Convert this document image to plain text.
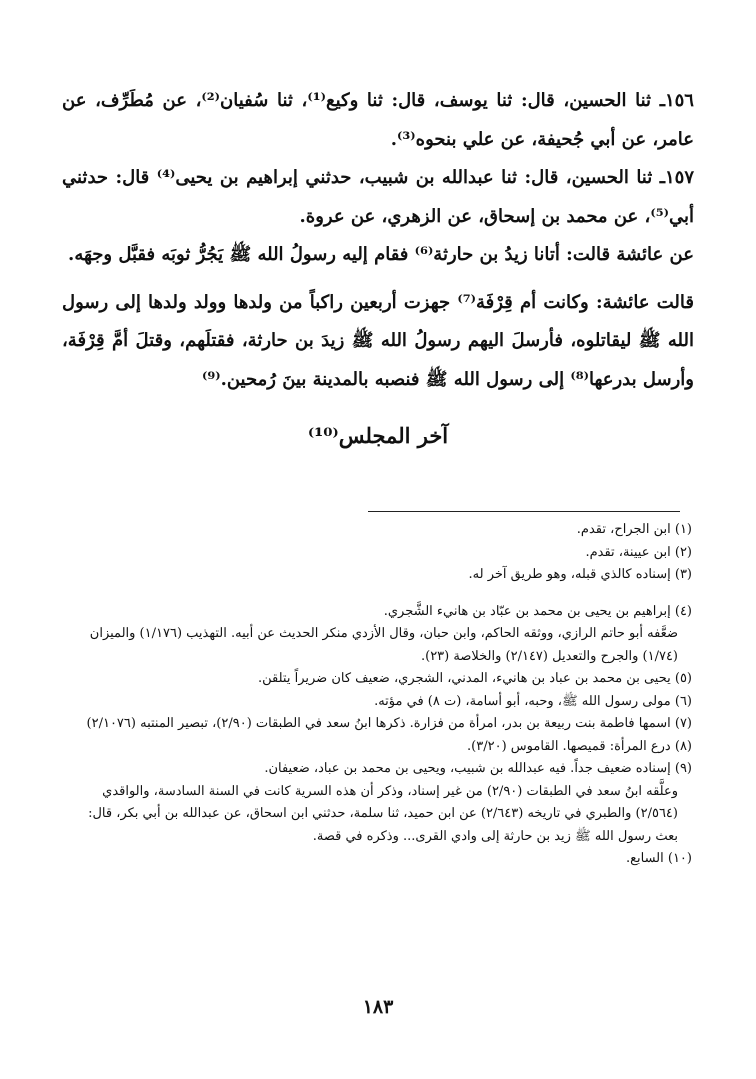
١٥٦ـ ثنا الحسين، قال: ثنا يوسف، قال: ثنا وكيع⁽¹⁾، ثنا سُفيان⁽²⁾، عن مُطَرِّف، عن عامر، عن أبي جُحيفة، عن علي بنحوه⁽³⁾.

١٥٧ـ ثنا الحسين، قال: ثنا عبدالله بن شبيب، حدثني إبراهيم بن يحيى⁽⁴⁾ قال: حدثني أبي⁽⁵⁾، عن محمد بن إسحاق، عن الزهري، عن عروة.

عن عائشة قالت: أتانا زيدُ بن حارثة⁽⁶⁾ فقام إليه رسولُ الله ﷺ يَجُرُّ ثوبَه فقبَّل وجهَه.

قالت عائشة: وكانت أم قِرْفَة⁽⁷⁾ جهزت أربعين راكباً من ولدها وولد ولدها إلى رسول الله ﷺ ليقاتلوه، فأرسلَ اليهم رسولُ الله ﷺ زيدَ بن حارثة، فقتلَهم، وقتلَ أمَّ قِرْفَة، وأرسل بدرعها⁽⁸⁾ إلى رسول الله ﷺ فنصبه بالمدينة بينَ رُمحين.⁽⁹⁾

آخر المجلس⁽¹⁰⁾

(١) ابن الجراح، تقدم.

(٢) ابن عيينة، تقدم.

(٣) إسناده كالذي قبله، وهو طريق آخر له.

(٤) إبراهيم بن يحيى بن محمد بن عبّاد بن هانيء الشَّجري.

ضعَّفه أبو حاتم الرازي، ووثقه الحاكم، وابن حبان، وقال الأزدي منكر الحديث عن أبيه. التهذيب (١/١٧٦) والميزان (١/٧٤) والجرح والتعديل (٢/١٤٧) والخلاصة (٢٣).

(٥) يحيى بن محمد بن عباد بن هانيء، المدني، الشجري، ضعيف كان ضريراً يتلقن.

(٦) مولى رسول الله ﷺ، وحبه، أبو أسامة، (ت ٨) في مؤته.

(٧) اسمها فاطمة بنت ربيعة بن بدر، امرأة من فزارة. ذكرها ابنُ سعد في الطبقات (٢/٩٠)، تبصير المنتبه (٢/١٠٧٦)

(٨) درع المرأة: قميصها. القاموس (٣/٢٠).

(٩) إسناده ضعيف جداً. فيه عبدالله بن شبيب، ويحيى بن محمد بن عباد، ضعيفان.

وعلَّقه ابنُ سعد في الطبقات (٢/٩٠) من غير إسناد، وذكر أن هذه السرية كانت في السنة السادسة، والواقدي (٢/٥٦٤) والطبري في تاريخه (٢/٦٤٣) عن ابن حميد، ثنا سلمة، حدثني ابن اسحاق، عن عبدالله بن أبي بكر، قال: بعث رسول الله ﷺ زيد بن حارثة إلى وادي القرى... وذكره في قصة.

(١٠) السابع.

١٨٣
